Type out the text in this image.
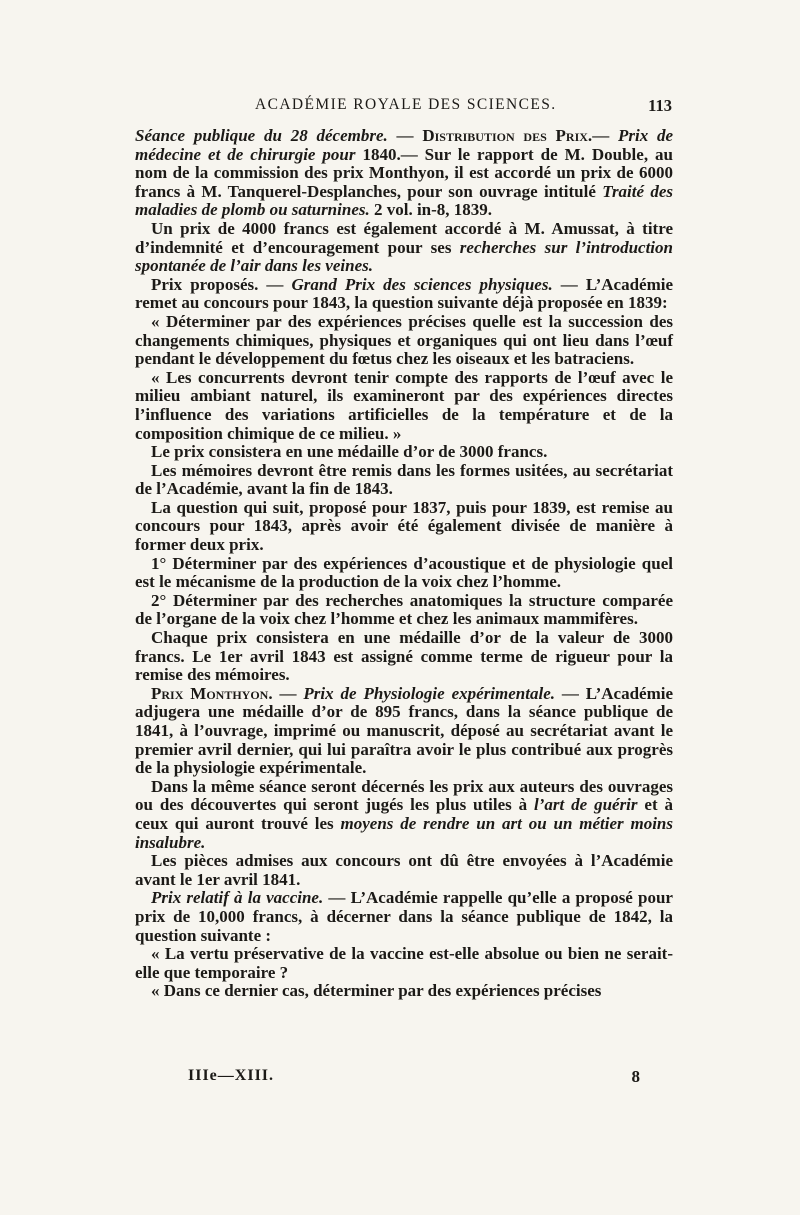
ACADÉMIE ROYALE DES SCIENCES.	113

Séance publique du 28 décembre. — Distribution des Prix.— Prix de médecine et de chirurgie pour 1840.— Sur le rapport de M. Double, au nom de la commission des prix Monthyon, il est accordé un prix de 6000 francs à M. Tanquerel-Desplanches, pour son ouvrage intitulé Traité des maladies de plomb ou saturnines. 2 vol. in-8, 1839.

Un prix de 4000 francs est également accordé à M. Amussat, à titre d’indemnité et d’encouragement pour ses recherches sur l’introduction spontanée de l’air dans les veines.

Prix proposés. — Grand Prix des sciences physiques. — L’Académie remet au concours pour 1843, la question suivante déjà proposée en 1839:

« Déterminer par des expériences précises quelle est la succession des changements chimiques, physiques et organiques qui ont lieu dans l’œuf pendant le développement du fœtus chez les oiseaux et les batraciens.

« Les concurrents devront tenir compte des rapports de l’œuf avec le milieu ambiant naturel, ils examineront par des expériences directes l’influence des variations artificielles de la température et de la composition chimique de ce milieu. »

Le prix consistera en une médaille d’or de 3000 francs.

Les mémoires devront être remis dans les formes usitées, au secrétariat de l’Académie, avant la fin de 1843.

La question qui suit, proposé pour 1837, puis pour 1839, est remise au concours pour 1843, après avoir été également divisée de manière à former deux prix.

1° Déterminer par des expériences d’acoustique et de physiologie quel est le mécanisme de la production de la voix chez l’homme.

2° Déterminer par des recherches anatomiques la structure comparée de l’organe de la voix chez l’homme et chez les animaux mammifères.

Chaque prix consistera en une médaille d’or de la valeur de 3000 francs. Le 1er avril 1843 est assigné comme terme de rigueur pour la remise des mémoires.

Prix Monthyon. — Prix de Physiologie expérimentale. — L’Académie adjugera une médaille d’or de 895 francs, dans la séance publique de 1841, à l’ouvrage, imprimé ou manuscrit, déposé au secrétariat avant le premier avril dernier, qui lui paraîtra avoir le plus contribué aux progrès de la physiologie expérimentale.

Dans la même séance seront décernés les prix aux auteurs des ouvrages ou des découvertes qui seront jugés les plus utiles à l’art de guérir et à ceux qui auront trouvé les moyens de rendre un art ou un métier moins insalubre.

Les pièces admises aux concours ont dû être envoyées à l’Académie avant le 1er avril 1841.

Prix relatif à la vaccine. — L’Académie rappelle qu’elle a proposé pour prix de 10,000 francs, à décerner dans la séance publique de 1842, la question suivante :

« La vertu préservative de la vaccine est-elle absolue ou bien ne serait-elle que temporaire ?

« Dans ce dernier cas, déterminer par des expériences précises

IIIe—XIII.	8
